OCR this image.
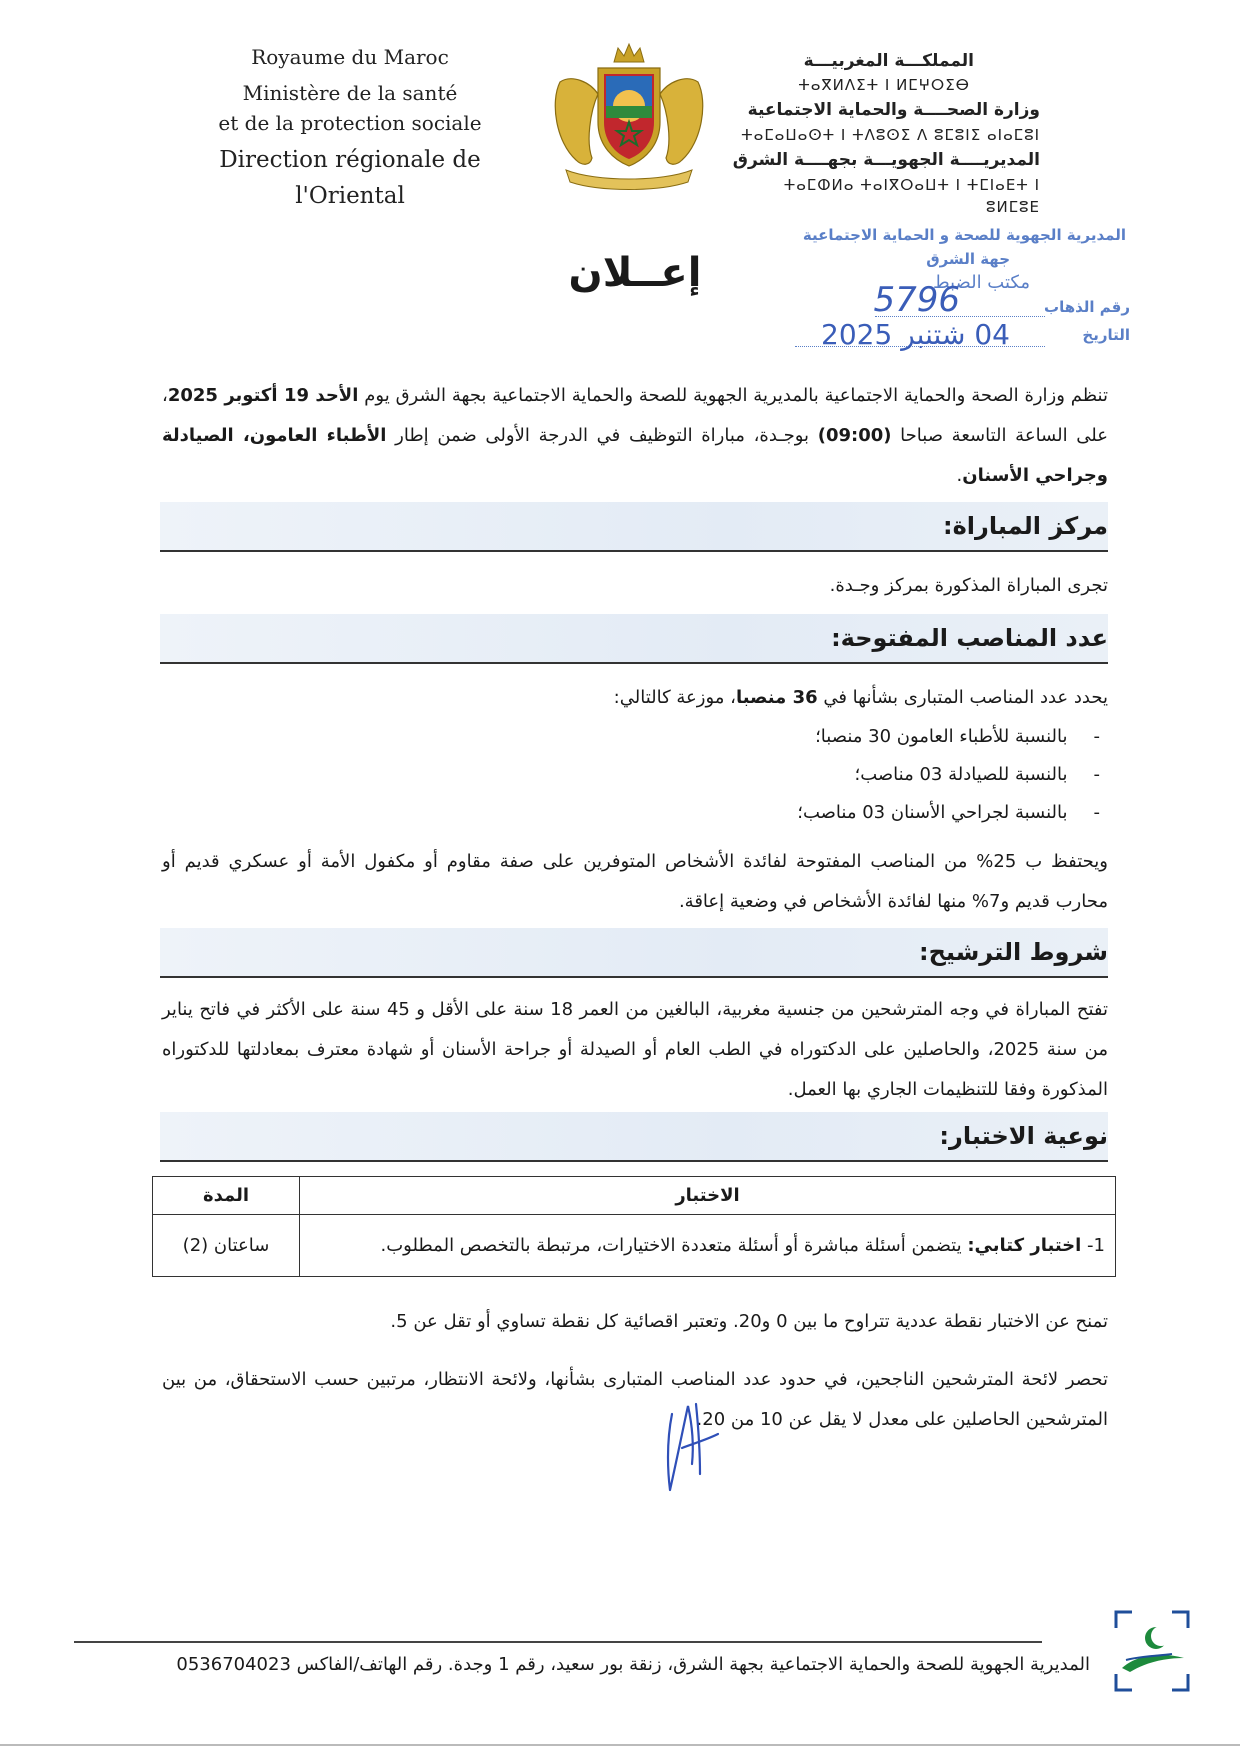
Royaume du Maroc
Ministère de la santé
et de la protection sociale
Direction régionale de l'Oriental
المملكـــة المغربيـــة
ⵜⴰⴳⵍⴷⵉⵜ ⵏ ⵍⵎⵖⵔⵉⴱ
وزارة الصحــــة والحماية الاجتماعية
ⵜⴰⵎⴰⵡⴰⵙⵜ ⵏ ⵜⴷⵓⵙⵉ ⴷ ⵓⵎⵓⵏⵉ ⴰⵏⴰⵎⵓⵏ
المديريــــة الجهويـــة بجهــــة الشرق
ⵜⴰⵎⵀⵍⴰ ⵜⴰⵏⴳⵔⴰⵡⵜ ⵏ ⵜⵎⵏⴰⴹⵜ ⵏ ⵓⵍⵎⵓⴹ
إعــلان
المديرية الجهوية للصحة و الحماية الاجتماعية
جهة الشرق
مكتب الضبط
رقم الذهاب
5796
التاريخ
04 شتنبر 2025
تنظم وزارة الصحة والحماية الاجتماعية بالمديرية الجهوية للصحة والحماية الاجتماعية بجهة الشرق يوم الأحد 19 أكتوبر 2025، على الساعة التاسعة صباحا (09:00) بوجـدة، مباراة التوظيف في الدرجة الأولى ضمن إطار الأطباء العامون، الصيادلة وجراحي الأسنان.
مركز المباراة:
تجرى المباراة المذكورة بمركز وجـدة.
عدد المناصب المفتوحة:
يحدد عدد المناصب المتبارى بشأنها في 36 منصبا، موزعة كالتالي:
-بالنسبة للأطباء العامون 30 منصبا؛
-بالنسبة للصيادلة 03 مناصب؛
-بالنسبة لجراحي الأسنان 03 مناصب؛
ويحتفظ ب 25% من المناصب المفتوحة لفائدة الأشخاص المتوفرين على صفة مقاوم أو مكفول الأمة أو عسكري قديم أو محارب قديم و7% منها لفائدة الأشخاص في وضعية إعاقة.
شروط الترشيح:
تفتح المباراة في وجه المترشحين من جنسية مغربية، البالغين من العمر 18 سنة على الأقل و 45 سنة على الأكثر في فاتح يناير من سنة 2025، والحاصلين على الدكتوراه في الطب العام أو الصيدلة أو جراحة الأسنان أو شهادة معترف بمعادلتها للدكتوراه المذكورة وفقا للتنظيمات الجاري بها العمل.
نوعية الاختبار:
الاختبار	المدة
1- اختبار كتابي: يتضمن أسئلة مباشرة أو أسئلة متعددة الاختيارات، مرتبطة بالتخصص المطلوب.	ساعتان (2)
تمنح عن الاختبار نقطة عددية تتراوح ما بين 0 و20. وتعتبر اقصائية كل نقطة تساوي أو تقل عن 5.
تحصر لائحة المترشحين الناجحين، في حدود عدد المناصب المتبارى بشأنها، ولائحة الانتظار، مرتبين حسب الاستحقاق، من بين المترشحين الحاصلين على معدل لا يقل عن 10 من 20.
المديرية الجهوية للصحة والحماية الاجتماعية بجهة الشرق، زنقة بور سعيد، رقم 1 وجدة. رقم الهاتف/الفاكس 0536704023
